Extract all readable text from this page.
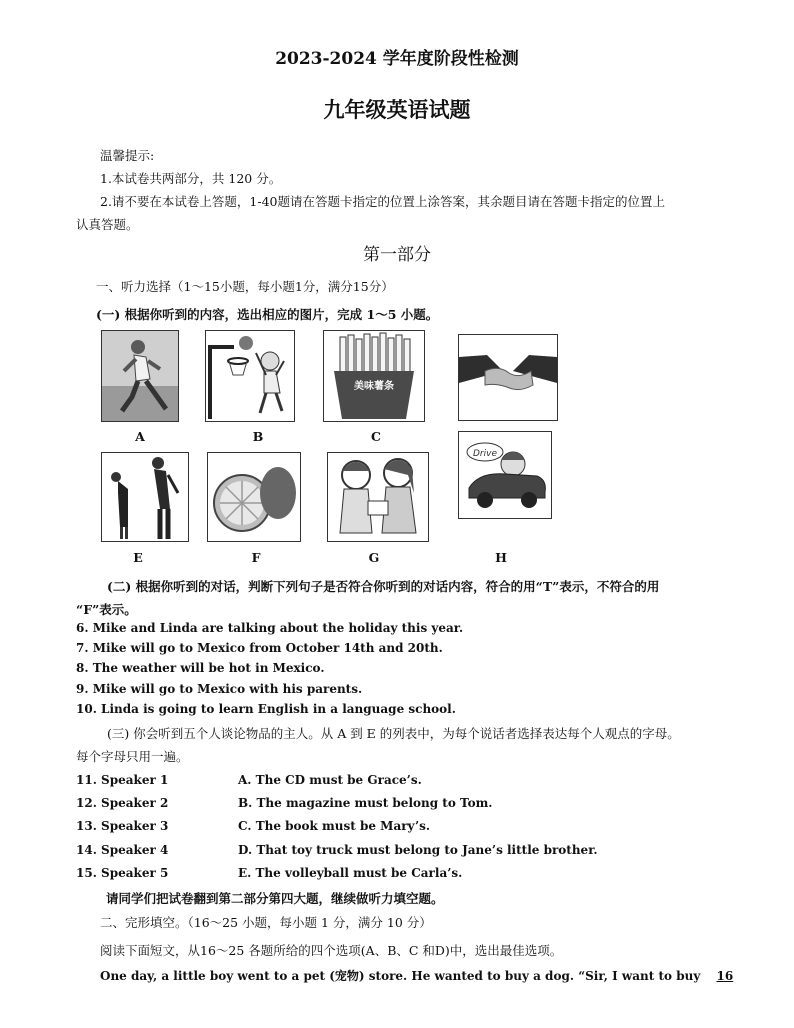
2023-2024 学年度阶段性检测
九年级英语试题
温馨提示:
1.本试卷共两部分，共 120 分。
2.请不要在本试卷上答题，1-40题请在答题卡指定的位置上涂答案，其余题目请在答题卡指定的位置上
认真答题。
第一部分
一、听力选择（1～15小题，每小题1分，满分15分）
(一) 根据你听到的内容，选出相应的图片，完成 1～5 小题。
A	B
美味薯条
C
E	F	G
Drive
H
(二) 根据你听到的对话，判断下列句子是否符合你听到的对话内容，符合的用“T”表示，不符合的用
“F”表示。
6. Mike and Linda are talking about the holiday this year.
7. Mike will go to Mexico from October 14th and 20th.
8. The weather will be hot in Mexico.
9. Mike will go to Mexico with his parents.
10. Linda is going to learn English in a language school.
(三) 你会听到五个人谈论物品的主人。从 A 到 E 的列表中，为每个说话者选择表达每个人观点的字母。
每个字母只用一遍。
11. Speaker 1	A. The CD must be Grace’s.
12. Speaker 2	B. The magazine must belong to Tom.
13. Speaker 3	C. The book must be Mary’s.
14. Speaker 4	D. That toy truck must belong to Jane’s little brother.
15. Speaker 5	E. The volleyball must be Carla’s.
请同学们把试卷翻到第二部分第四大题，继续做听力填空题。
二、完形填空。（16～25 小题，每小题 1 分，满分 10 分）
阅读下面短文，从16～25 各题所给的四个选项(A、B、C 和D)中，选出最佳选项。
One day, a little boy went to a pet (宠物) store. He wanted to buy a dog. “Sir, I want to buy 16
